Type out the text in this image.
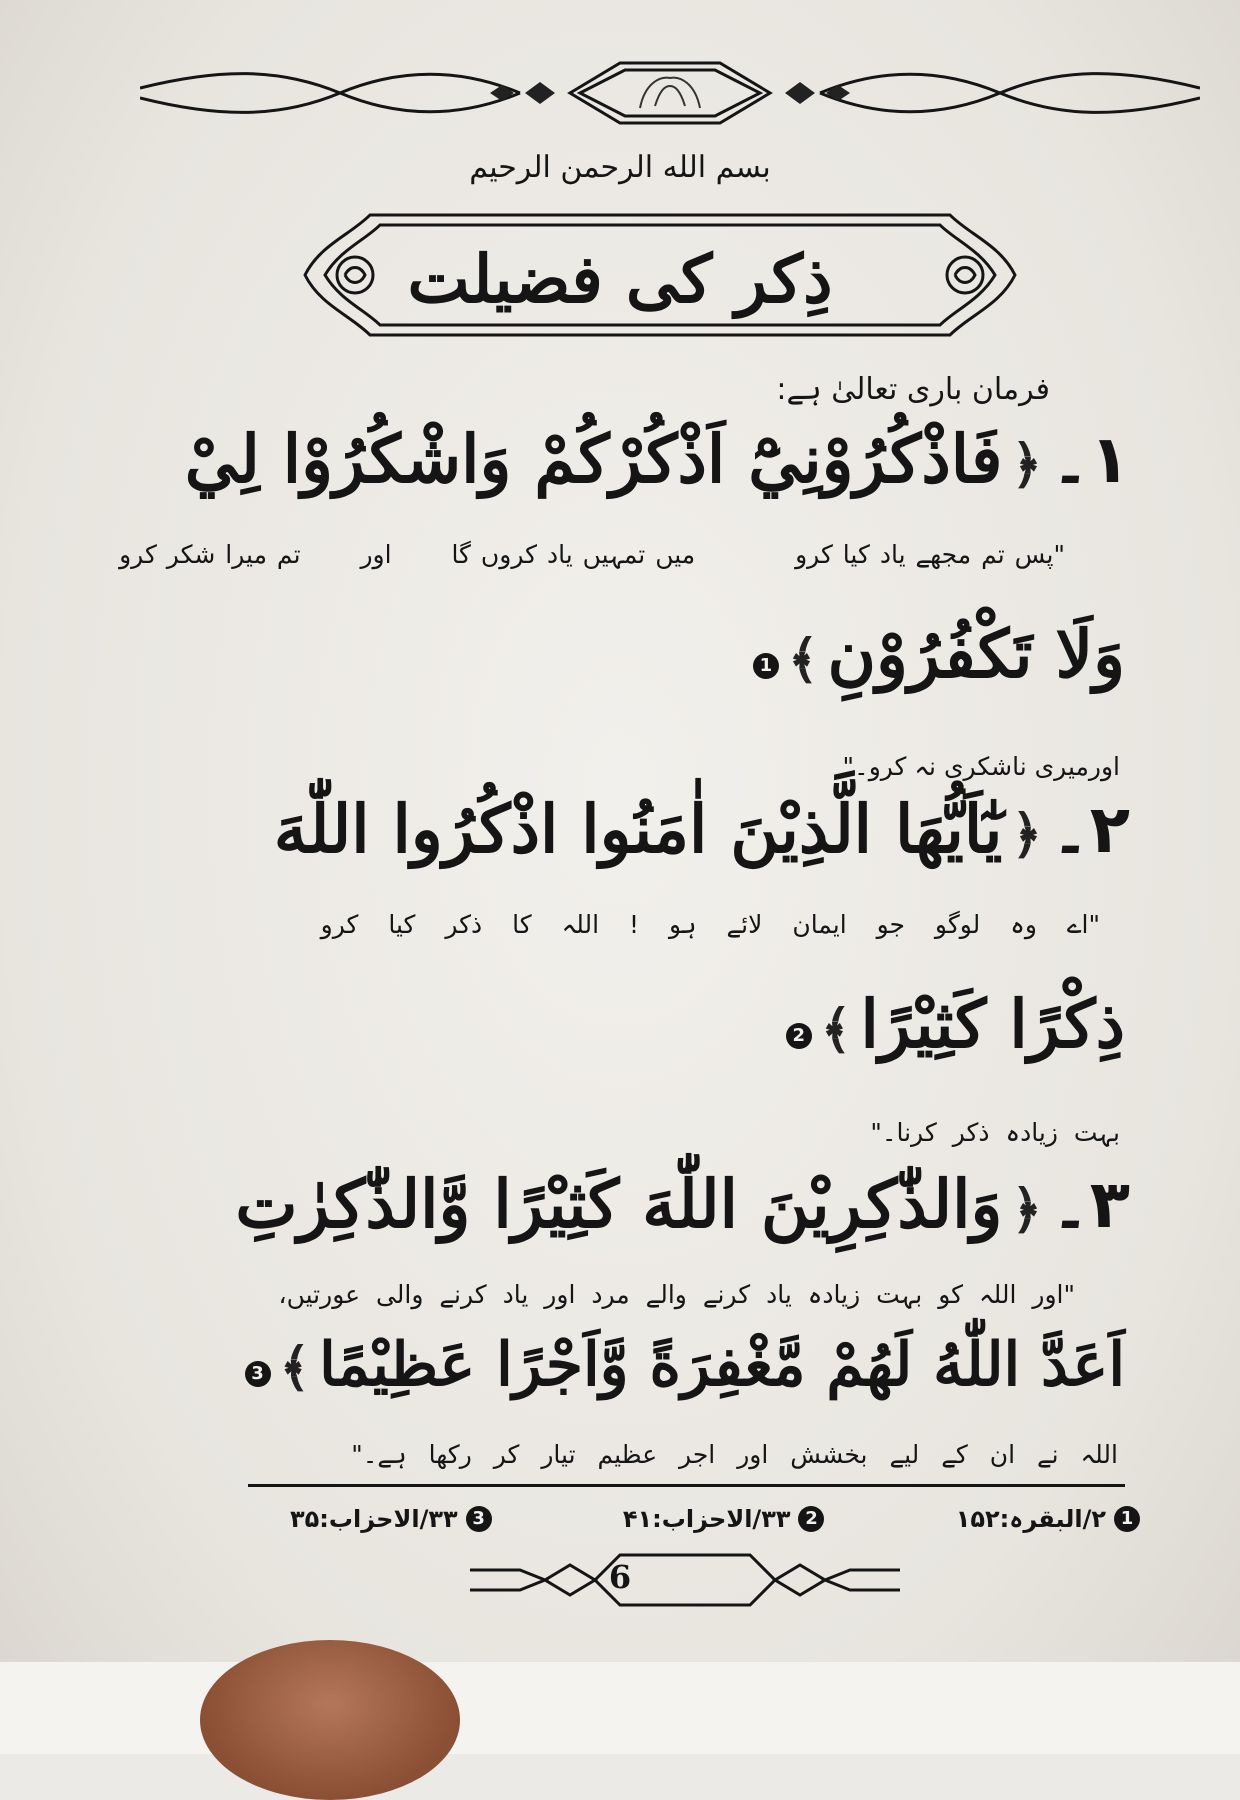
بسم الله الرحمن الرحيم
ذِکر کی فضیلت
فرمان باری تعالیٰ ہے:
۱۔ ﴿ فَاذْكُرُوْنِيْٓ اَذْكُرْكُمْ وَاشْكُرُوْا لِيْ
"پس تم مجھے یاد کیا کرو  میں تمہیں یاد کروں گا  اور  تم میرا شکر کرو
وَلَا تَكْفُرُوْنِ ﴾ 1
اورمیری ناشکری نہ کرو۔"
۲۔ ﴿ يٰٓاَيُّهَا الَّذِيْنَ اٰمَنُوا اذْكُرُوا اللّٰهَ
"اے وہ لوگو جو ایمان لائے ہو ! اللہ کا ذکر کیا کرو
ذِكْرًا كَثِيْرًا ﴾ 2
بہت زیادہ ذکر کرنا۔"
۳۔ ﴿ وَالذّٰكِرِيْنَ اللّٰهَ كَثِيْرًا وَّالذّٰكِرٰتِ
"اور اللہ کو بہت زیادہ یاد کرنے والے مرد اور یاد کرنے والی عورتیں،
اَعَدَّ اللّٰهُ لَهُمْ مَّغْفِرَةً وَّاَجْرًا عَظِيْمًا ﴾ 3
اللہ نے ان کے لیے بخشش اور اجر عظیم تیار کر رکھا ہے۔"
1
۲/البقرہ:۱۵۲
2
۳۳/الاحزاب:۴۱
3
۳۳/الاحزاب:۳۵
6
